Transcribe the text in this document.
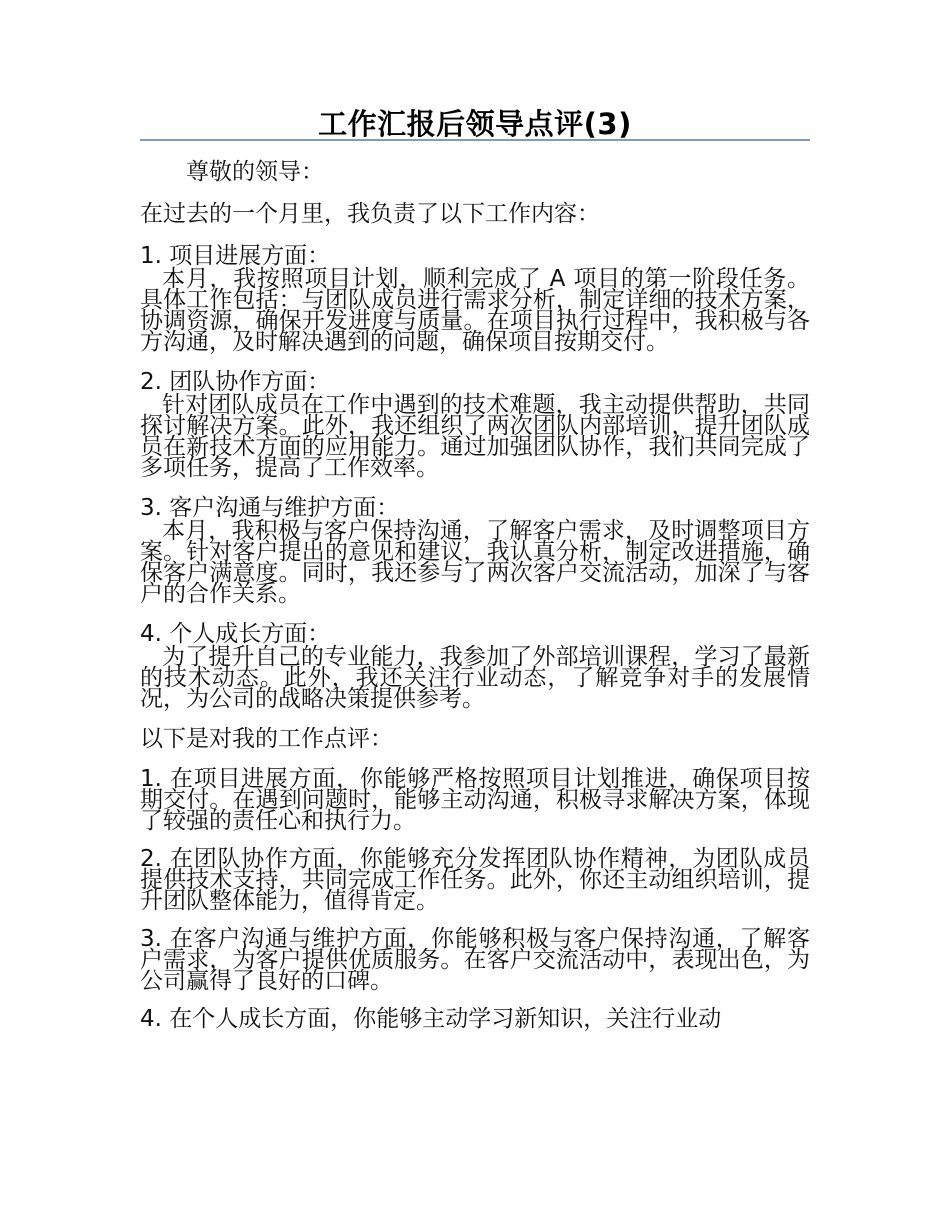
工作汇报后领导点评(3)

尊敬的领导：

在过去的一个月里，我负责了以下工作内容：

1. 项目进展方面：

本月，我按照项目计划，顺利完成了 A 项目的第一阶段任务。具体工作包括：与团队成员进行需求分析，制定详细的技术方案，协调资源，确保开发进度与质量。在项目执行过程中，我积极与各方沟通，及时解决遇到的问题，确保项目按期交付。

2. 团队协作方面：

针对团队成员在工作中遇到的技术难题，我主动提供帮助，共同探讨解决方案。此外，我还组织了两次团队内部培训，提升团队成员在新技术方面的应用能力。通过加强团队协作，我们共同完成了多项任务，提高了工作效率。

3. 客户沟通与维护方面：

本月，我积极与客户保持沟通，了解客户需求，及时调整项目方案。针对客户提出的意见和建议，我认真分析，制定改进措施，确保客户满意度。同时，我还参与了两次客户交流活动，加深了与客户的合作关系。

4. 个人成长方面：

为了提升自己的专业能力，我参加了外部培训课程，学习了最新的技术动态。此外，我还关注行业动态，了解竞争对手的发展情况，为公司的战略决策提供参考。

以下是对我的工作点评：

1. 在项目进展方面，你能够严格按照项目计划推进，确保项目按期交付。在遇到问题时，能够主动沟通，积极寻求解决方案，体现了较强的责任心和执行力。

2. 在团队协作方面，你能够充分发挥团队协作精神，为团队成员提供技术支持，共同完成工作任务。此外，你还主动组织培训，提升团队整体能力，值得肯定。

3. 在客户沟通与维护方面，你能够积极与客户保持沟通，了解客户需求，为客户提供优质服务。在客户交流活动中，表现出色，为公司赢得了良好的口碑。

4. 在个人成长方面，你能够主动学习新知识，关注行业动
